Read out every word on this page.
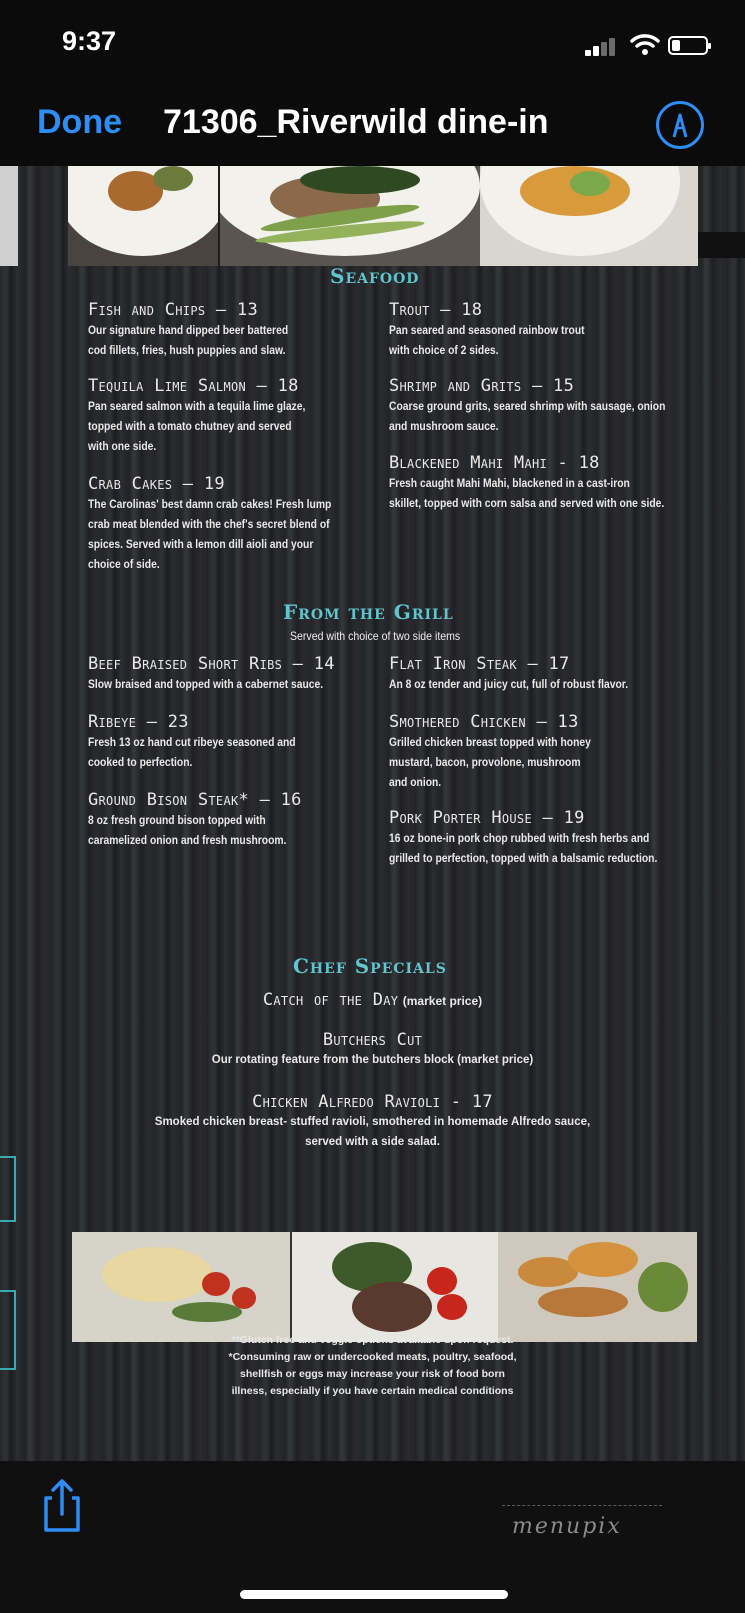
9:37
Done 71306_Riverwild dine-in
Seafood
Fish and Chips – 13
Our signature hand dipped beer battered
cod fillets, fries, hush puppies and slaw.
Tequila Lime Salmon – 18
Pan seared salmon with a tequila lime glaze,
topped with a tomato chutney and served
with one side.
Crab Cakes – 19
The Carolinas' best damn crab cakes! Fresh lump
crab meat blended with the chef's secret blend of
spices. Served with a lemon dill aioli and your
choice of side.
Trout – 18
Pan seared and seasoned rainbow trout
with choice of 2 sides.
Shrimp and Grits – 15
Coarse ground grits, seared shrimp with sausage, onion
and mushroom sauce.
Blackened Mahi Mahi - 18
Fresh caught Mahi Mahi, blackened in a cast-iron
skillet, topped with corn salsa and served with one side.
From the Grill
Served with choice of two side items
Beef Braised Short Ribs – 14
Slow braised and topped with a cabernet sauce.
Ribeye – 23
Fresh 13 oz hand cut ribeye seasoned and
cooked to perfection.
Ground Bison Steak* – 16
8 oz fresh ground bison topped with
caramelized onion and fresh mushroom.
Flat Iron Steak – 17
An 8 oz tender and juicy cut, full of robust flavor.
Smothered Chicken – 13
Grilled chicken breast topped with honey
mustard, bacon, provolone, mushroom
and onion.
Pork Porter House – 19
16 oz bone-in pork chop rubbed with fresh herbs and
grilled to perfection, topped with a balsamic reduction.
Chef Specials
Catch of the Day (market price)
Butchers Cut
Our rotating feature from the butchers block (market price)
Chicken Alfredo Ravioli - 17
Smoked chicken breast- stuffed ravioli, smothered in homemade Alfredo sauce,
served with a side salad.
**Gluten free and veggie options available upon request.
*Consuming raw or undercooked meats, poultry, seafood,
shellfish or eggs may increase your risk of food born
illness, especially if you have certain medical conditions
menupix
